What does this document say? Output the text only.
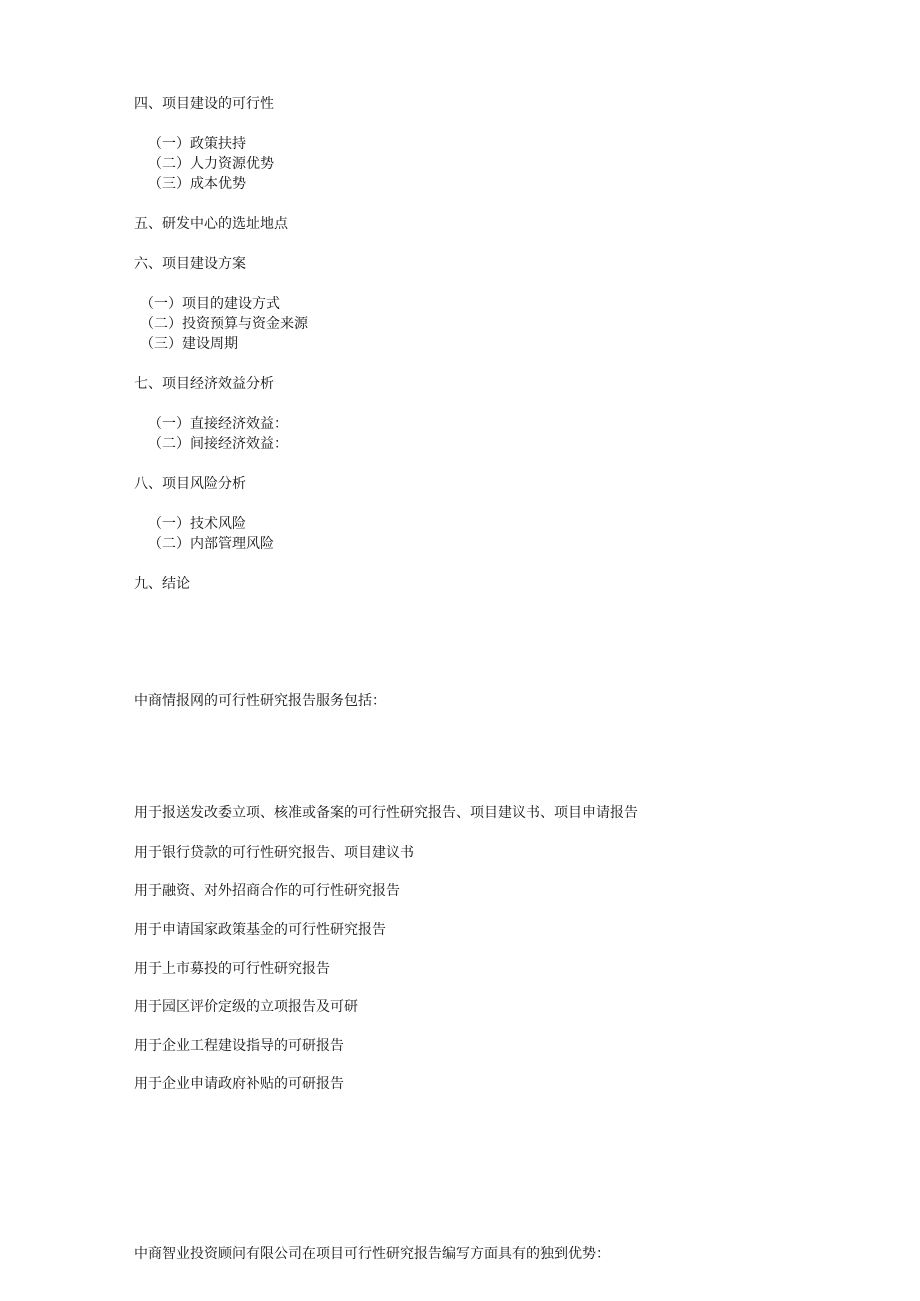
四、项目建设的可行性
（一）政策扶持
（二）人力资源优势
（三）成本优势
五、研发中心的选址地点
六、项目建设方案
（一）项目的建设方式
（二）投资预算与资金来源
（三）建设周期
七、项目经济效益分析
（一）直接经济效益：
（二）间接经济效益：
八、项目风险分析
（一）技术风险
（二）内部管理风险
九、结论
中商情报网的可行性研究报告服务包括：
用于报送发改委立项、核准或备案的可行性研究报告、项目建议书、项目申请报告
用于银行贷款的可行性研究报告、项目建议书
用于融资、对外招商合作的可行性研究报告
用于申请国家政策基金的可行性研究报告
用于上市募投的可行性研究报告
用于园区评价定级的立项报告及可研
用于企业工程建设指导的可研报告
用于企业申请政府补贴的可研报告
中商智业投资顾问有限公司在项目可行性研究报告编写方面具有的独到优势：
